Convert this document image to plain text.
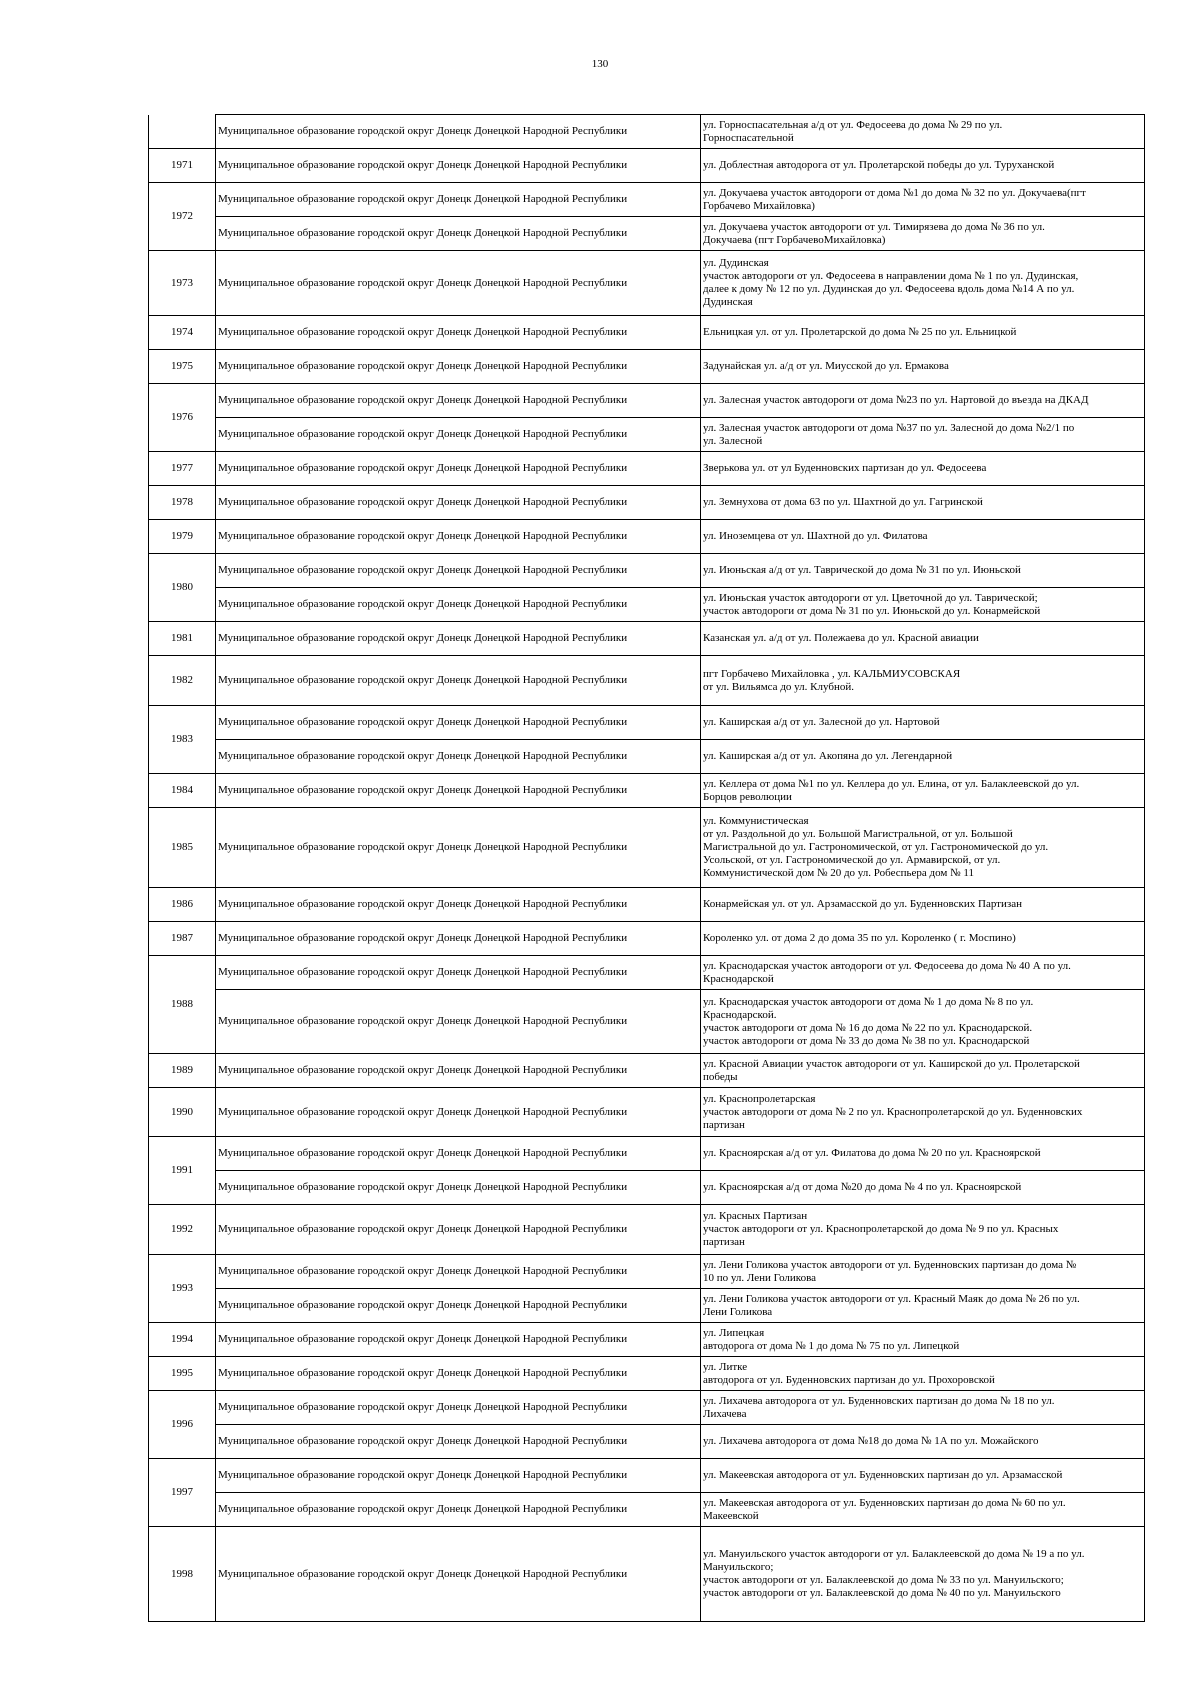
130
	Муниципальное образование городской округ Донецк Донецкой Народной Республики	ул. Горноспасательная а/д от ул. Федосеева до дома № 29 по ул.
Горноспасательной
1971	Муниципальное образование городской округ Донецк Донецкой Народной Республики	ул. Доблестная автодорога от ул. Пролетарской победы до ул. Туруханской
1972	Муниципальное образование городской округ Донецк Донецкой Народной Республики	ул. Докучаева участок автодороги от дома №1 до дома № 32 по ул. Докучаева(пгт
Горбачево Михайловка)
	Муниципальное образование городской округ Донецк Донецкой Народной Республики	ул. Докучаева участок автодороги от ул. Тимирязева до дома № 36 по ул.
Докучаева (пгт ГорбачевоМихайловка)
1973	Муниципальное образование городской округ Донецк Донецкой Народной Республики	ул. Дудинская
участок автодороги от ул. Федосеева в направлении дома № 1 по ул. Дудинская,
далее к дому № 12 по ул. Дудинская до ул. Федосеева вдоль дома №14 А по ул.
Дудинская
1974	Муниципальное образование городской округ Донецк Донецкой Народной Республики	Ельницкая ул. от ул. Пролетарской до дома № 25 по ул. Ельницкой
1975	Муниципальное образование городской округ Донецк Донецкой Народной Республики	Задунайская ул. а/д от ул. Миусской до ул. Ермакова
1976	Муниципальное образование городской округ Донецк Донецкой Народной Республики	ул. Залесная участок автодороги от дома №23 по ул. Нартовой до въезда на ДКАД
	Муниципальное образование городской округ Донецк Донецкой Народной Республики	ул. Залесная участок автодороги от дома №37 по ул. Залесной до дома №2/1 по
ул. Залесной
1977	Муниципальное образование городской округ Донецк Донецкой Народной Республики	Зверькова ул. от ул Буденновских партизан до ул. Федосеева
1978	Муниципальное образование городской округ Донецк Донецкой Народной Республики	ул. Земнухова от дома 63 по ул. Шахтной до ул. Гагринской
1979	Муниципальное образование городской округ Донецк Донецкой Народной Республики	ул. Иноземцева от ул. Шахтной до ул. Филатова
1980	Муниципальное образование городской округ Донецк Донецкой Народной Республики	ул. Июньская а/д от ул. Таврической до дома № 31 по ул. Июньской
	Муниципальное образование городской округ Донецк Донецкой Народной Республики	ул. Июньская участок автодороги от ул. Цветочной до ул. Таврической;
участок автодороги от дома № 31 по ул. Июньской до ул. Конармейской
1981	Муниципальное образование городской округ Донецк Донецкой Народной Республики	Казанская ул. а/д от ул. Полежаева до ул. Красной авиации
1982	Муниципальное образование городской округ Донецк Донецкой Народной Республики	пгт Горбачево Михайловка , ул. КАЛЬМИУСОВСКАЯ
от ул. Вильямса до ул. Клубной.
1983	Муниципальное образование городской округ Донецк Донецкой Народной Республики	ул. Каширская а/д от ул. Залесной до ул. Нартовой
	Муниципальное образование городской округ Донецк Донецкой Народной Республики	ул. Каширская а/д от ул. Акопяна до ул. Легендарной
1984	Муниципальное образование городской округ Донецк Донецкой Народной Республики	ул. Келлера от дома №1 по ул. Келлера до ул. Елина, от ул. Балаклеевской до ул.
Борцов революции
1985	Муниципальное образование городской округ Донецк Донецкой Народной Республики	ул. Коммунистическая
от ул. Раздольной до ул. Большой Магистральной, от ул. Большой
Магистральной до ул. Гастрономической, от ул. Гастрономической до ул.
Усольской, от ул. Гастрономической до ул. Армавирской, от ул.
Коммунистической дом № 20 до ул. Робеспьера дом № 11
1986	Муниципальное образование городской округ Донецк Донецкой Народной Республики	Конармейская ул. от ул. Арзамасской до ул. Буденновских Партизан
1987	Муниципальное образование городской округ Донецк Донецкой Народной Республики	Короленко ул. от дома 2 до дома 35 по ул. Короленко ( г. Моспино)
1988	Муниципальное образование городской округ Донецк Донецкой Народной Республики	ул. Краснодарская участок автодороги от ул. Федосеева до дома № 40 А по ул.
Краснодарской
	Муниципальное образование городской округ Донецк Донецкой Народной Республики	ул. Краснодарская участок автодороги от дома № 1 до дома № 8 по ул.
Краснодарской.
участок автодороги от дома № 16 до дома № 22 по ул. Краснодарской.
участок автодороги от дома № 33 до дома № 38 по ул. Краснодарской
1989	Муниципальное образование городской округ Донецк Донецкой Народной Республики	ул. Красной Авиации участок автодороги от ул. Каширской до ул. Пролетарской
победы
1990	Муниципальное образование городской округ Донецк Донецкой Народной Республики	ул. Краснопролетарская
участок автодороги от дома № 2 по ул. Краснопролетарской до ул. Буденновских
партизан
1991	Муниципальное образование городской округ Донецк Донецкой Народной Республики	ул. Красноярская а/д от ул. Филатова до дома № 20 по ул. Красноярской
	Муниципальное образование городской округ Донецк Донецкой Народной Республики	ул. Красноярская а/д от дома №20 до дома № 4 по ул. Красноярской
1992	Муниципальное образование городской округ Донецк Донецкой Народной Республики	ул. Красных Партизан
участок автодороги от ул. Краснопролетарской до дома № 9 по ул. Красных
партизан
1993	Муниципальное образование городской округ Донецк Донецкой Народной Республики	ул. Лени Голикова участок автодороги от ул. Буденновских партизан до дома №
10 по ул. Лени Голикова
	Муниципальное образование городской округ Донецк Донецкой Народной Республики	ул. Лени Голикова участок автодороги от ул. Красный Маяк до дома № 26 по ул.
Лени Голикова
1994	Муниципальное образование городской округ Донецк Донецкой Народной Республики	ул. Липецкая
автодорога от дома № 1 до дома № 75 по ул. Липецкой
1995	Муниципальное образование городской округ Донецк Донецкой Народной Республики	ул. Литке
автодорога от ул. Буденновских партизан до ул. Прохоровской
1996	Муниципальное образование городской округ Донецк Донецкой Народной Республики	ул. Лихачева автодорога от ул. Буденновских партизан до дома № 18 по ул.
Лихачева
	Муниципальное образование городской округ Донецк Донецкой Народной Республики	ул. Лихачева автодорога от дома №18 до дома № 1А по ул. Можайского
1997	Муниципальное образование городской округ Донецк Донецкой Народной Республики	ул. Макеевская автодорога от ул. Буденновских партизан до ул. Арзамасской
	Муниципальное образование городской округ Донецк Донецкой Народной Республики	ул. Макеевская автодорога от ул. Буденновских партизан до дома № 60 по ул.
Макеевской
1998	Муниципальное образование городской округ Донецк Донецкой Народной Республики	ул. Мануильского участок автодороги от ул. Балаклеевской до дома № 19 а по ул.
Мануильского;
участок автодороги от ул. Балаклеевской до дома № 33 по ул. Мануильского;
участок автодороги от ул. Балаклеевской до дома № 40 по ул. Мануильского
